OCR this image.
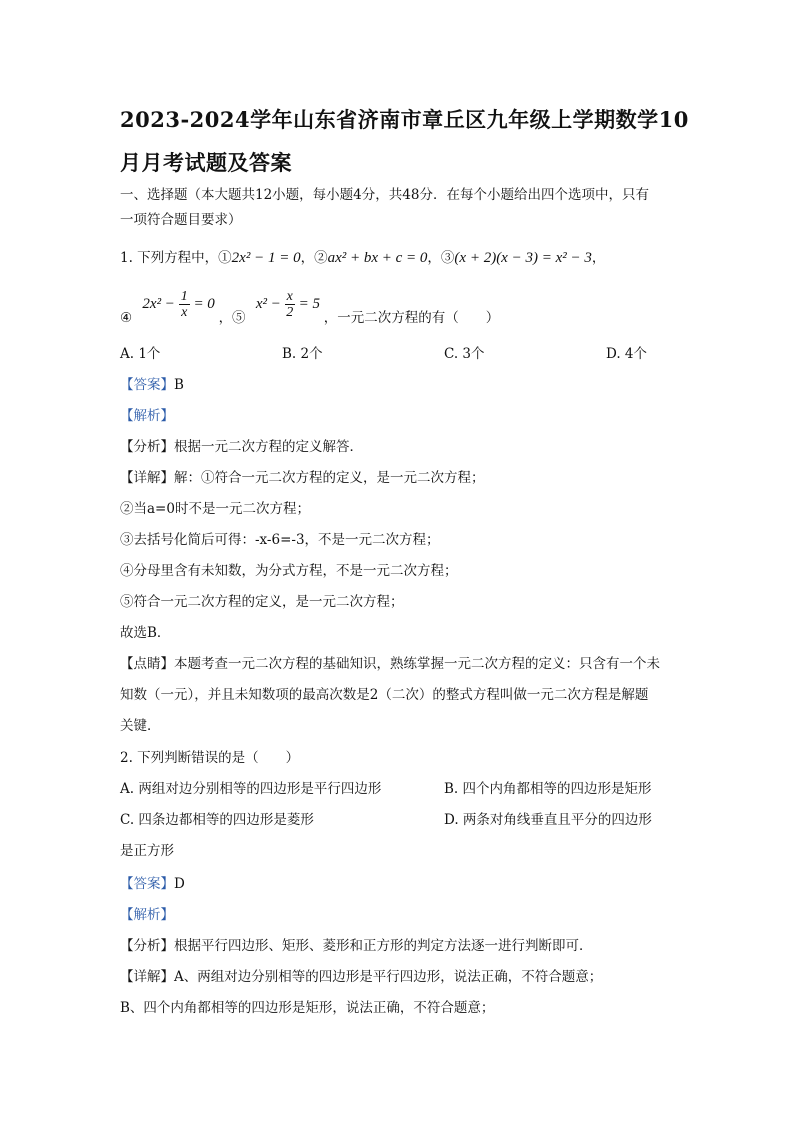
2023-2024学年山东省济南市章丘区九年级上学期数学10
月月考试题及答案
一、选择题（本大题共12小题，每小题4分，共48分．在每个小题给出四个选项中，只有
一项符合题目要求）
1. 下列方程中，①2x² − 1 = 0，②ax² + bx + c = 0，③(x + 2)(x − 3) = x² − 3，
④ $2x^2 - \frac{1}{x} = 0$ ，⑤ $x^2 - \frac{x}{2} = 5$ ，一元二次方程的有（　　）
A. 1个	B. 2个	C. 3个	D. 4个
【答案】B
【解析】
【分析】根据一元二次方程的定义解答．
【详解】解：①符合一元二次方程的定义，是一元二次方程；
②当a=0时不是一元二次方程；
③去括号化简后可得：-x-6=-3，不是一元二次方程；
④分母里含有未知数，为分式方程，不是一元二次方程；
⑤符合一元二次方程的定义，是一元二次方程；
故选B．
【点睛】本题考查一元二次方程的基础知识，熟练掌握一元二次方程的定义：只含有一个未
知数（一元），并且未知数项的最高次数是2（二次）的整式方程叫做一元二次方程是解题
关键．
2. 下列判断错误的是（　　）
A. 两组对边分别相等的四边形是平行四边形	B. 四个内角都相等的四边形是矩形
C. 四条边都相等的四边形是菱形	D. 两条对角线垂直且平分的四边形
是正方形
【答案】D
【解析】
【分析】根据平行四边形、矩形、菱形和正方形的判定方法逐一进行判断即可．
【详解】A、两组对边分别相等的四边形是平行四边形，说法正确，不符合题意；
B、四个内角都相等的四边形是矩形，说法正确，不符合题意；
